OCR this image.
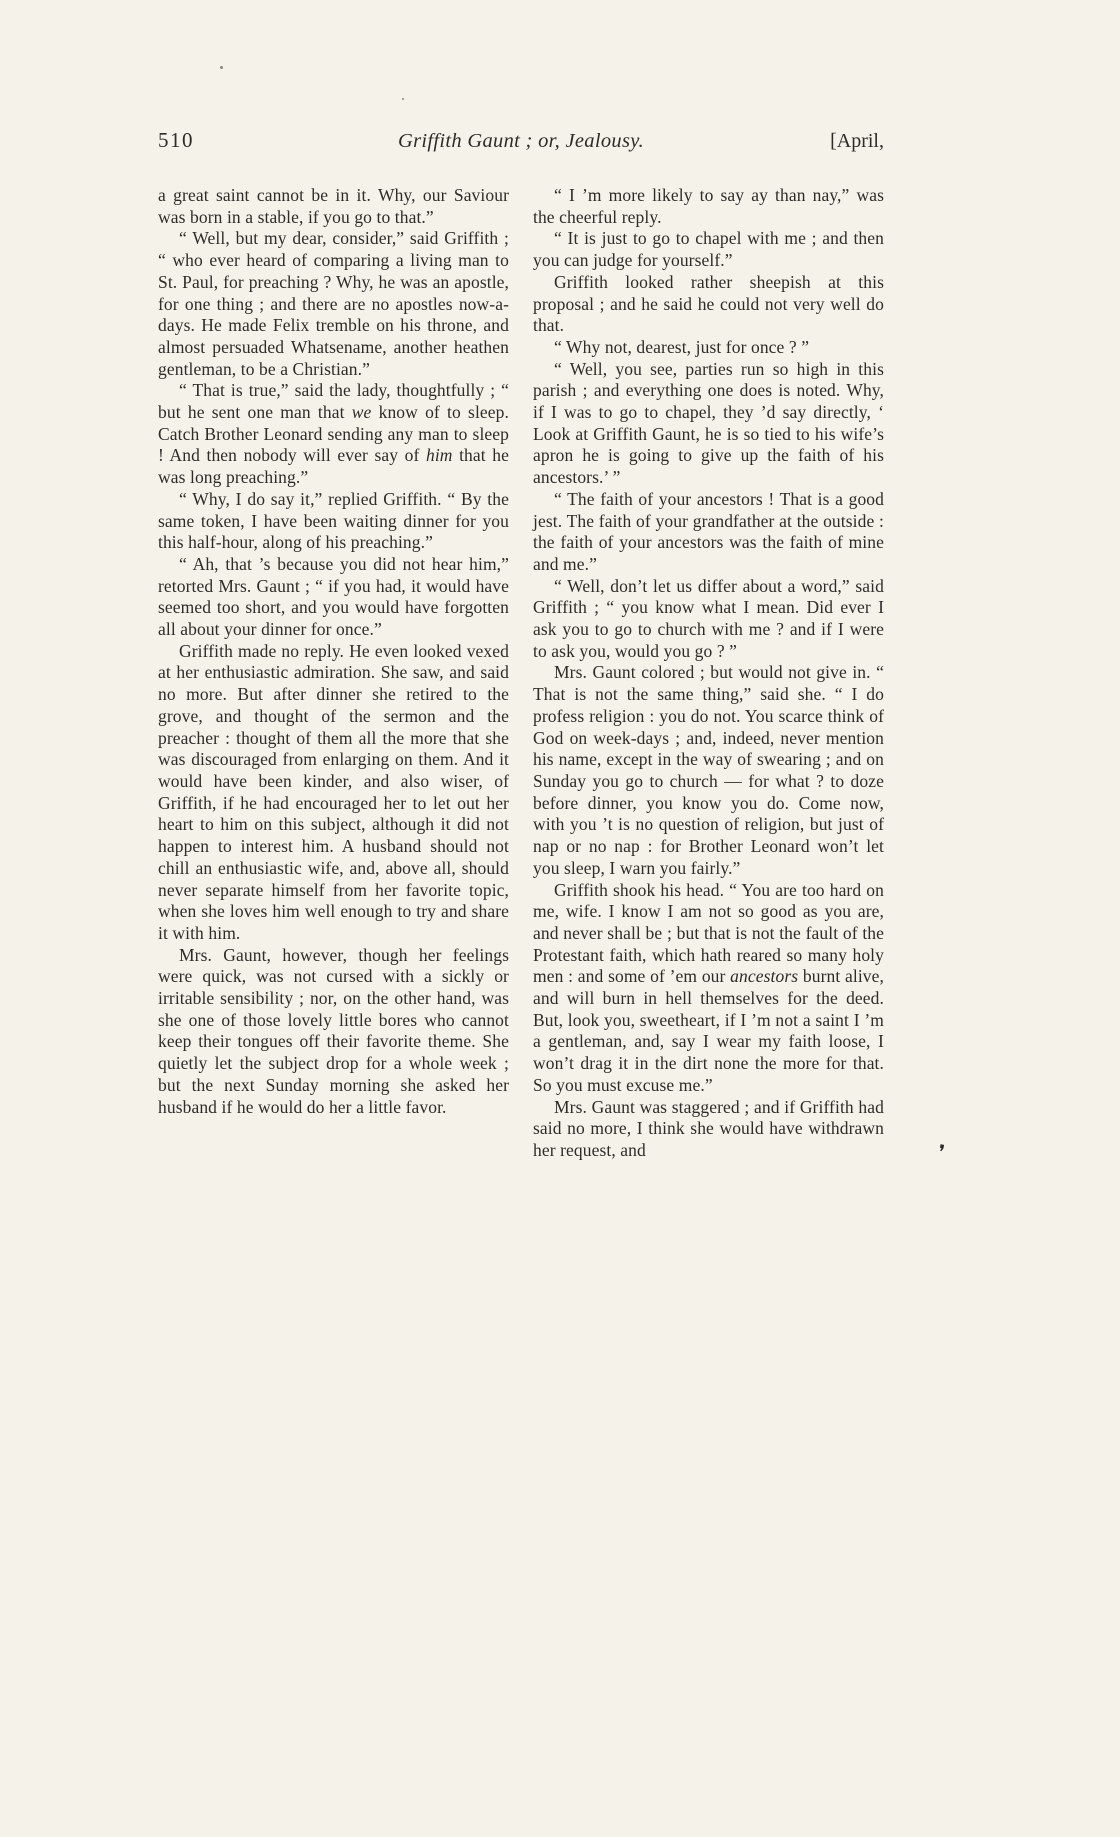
510	Griffith Gaunt ; or, Jealousy.	[April,

a great saint cannot be in it. Why, our Saviour was born in a stable, if you go to that.”

“ Well, but my dear, consider,” said Griffith ; “ who ever heard of comparing a living man to St. Paul, for preaching ? Why, he was an apostle, for one thing ; and there are no apostles now-a-days. He made Felix tremble on his throne, and almost persuaded Whatsename, another heathen gentleman, to be a Christian.”

“ That is true,” said the lady, thoughtfully ; “ but he sent one man that we know of to sleep. Catch Brother Leonard sending any man to sleep ! And then nobody will ever say of him that he was long preaching.”

“ Why, I do say it,” replied Griffith. “ By the same token, I have been waiting dinner for you this half-hour, along of his preaching.”

“ Ah, that ’s because you did not hear him,” retorted Mrs. Gaunt ; “ if you had, it would have seemed too short, and you would have forgotten all about your dinner for once.”

Griffith made no reply. He even looked vexed at her enthusiastic admiration. She saw, and said no more. But after dinner she retired to the grove, and thought of the sermon and the preacher : thought of them all the more that she was discouraged from enlarging on them. And it would have been kinder, and also wiser, of Griffith, if he had encouraged her to let out her heart to him on this subject, although it did not happen to interest him. A husband should not chill an enthusiastic wife, and, above all, should never separate himself from her favorite topic, when she loves him well enough to try and share it with him.

Mrs. Gaunt, however, though her feelings were quick, was not cursed with a sickly or irritable sensibility ; nor, on the other hand, was she one of those lovely little bores who cannot keep their tongues off their favorite theme. She quietly let the subject drop for a whole week ; but the next Sunday morning she asked her husband if he would do her a little favor.

“ I ’m more likely to say ay than nay,” was the cheerful reply.

“ It is just to go to chapel with me ; and then you can judge for yourself.”

Griffith looked rather sheepish at this proposal ; and he said he could not very well do that.

“ Why not, dearest, just for once ? ”

“ Well, you see, parties run so high in this parish ; and everything one does is noted. Why, if I was to go to chapel, they ’d say directly, ‘ Look at Griffith Gaunt, he is so tied to his wife’s apron he is going to give up the faith of his ancestors.’ ”

“ The faith of your ancestors ! That is a good jest. The faith of your grandfather at the outside : the faith of your ancestors was the faith of mine and me.”

“ Well, don’t let us differ about a word,” said Griffith ; “ you know what I mean. Did ever I ask you to go to church with me ? and if I were to ask you, would you go ? ”

Mrs. Gaunt colored ; but would not give in. “ That is not the same thing,” said she. “ I do profess religion : you do not. You scarce think of God on week-days ; and, indeed, never mention his name, except in the way of swearing ; and on Sunday you go to church — for what ? to doze before dinner, you know you do. Come now, with you ’t is no question of religion, but just of nap or no nap : for Brother Leonard won’t let you sleep, I warn you fairly.”

Griffith shook his head. “ You are too hard on me, wife. I know I am not so good as you are, and never shall be ; but that is not the fault of the Protestant faith, which hath reared so many holy men : and some of ’em our ancestors burnt alive, and will burn in hell themselves for the deed. But, look you, sweetheart, if I ’m not a saint I ’m a gentleman, and, say I wear my faith loose, I won’t drag it in the dirt none the more for that. So you must excuse me.”

Mrs. Gaunt was staggered ; and if Griffith had said no more, I think she would have withdrawn her request, and	❜
